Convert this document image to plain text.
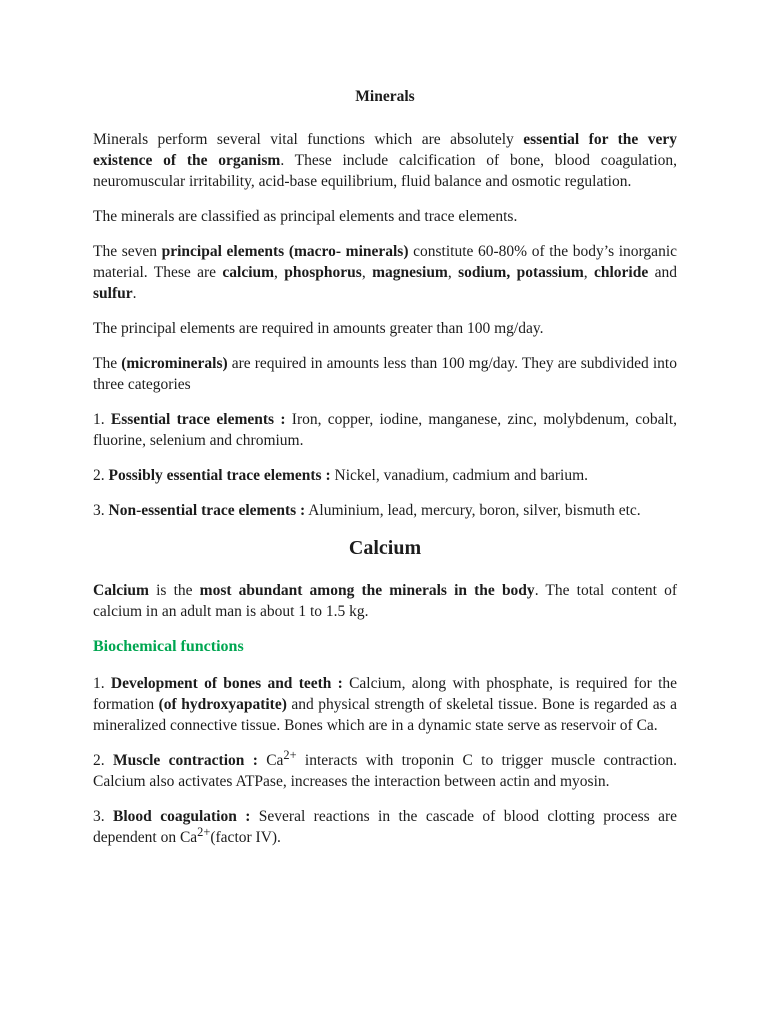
Minerals

Minerals perform several vital functions which are absolutely essential for the very existence of the organism. These include calcification of bone, blood coagulation, neuromuscular irritability, acid-base equilibrium, fluid balance and osmotic regulation.

The minerals are classified as principal elements and trace elements.

The seven principal elements (macro- minerals) constitute 60-80% of the body’s inorganic material. These are calcium, phosphorus, magnesium, sodium, potassium, chloride and sulfur.

The principal elements are required in amounts greater than 100 mg/day.

The (microminerals) are required in amounts less than 100 mg/day. They are subdivided into three categories

1. Essential trace elements : Iron, copper, iodine, manganese, zinc, molybdenum, cobalt, fluorine, selenium and chromium.

2. Possibly essential trace elements : Nickel, vanadium, cadmium and barium.

3. Non-essential trace elements : Aluminium, lead, mercury, boron, silver, bismuth etc.

Calcium

Calcium is the most abundant among the minerals in the body. The total content of calcium in an adult man is about 1 to 1.5 kg.

Biochemical functions

1. Development of bones and teeth : Calcium, along with phosphate, is required for the formation (of hydroxyapatite) and physical strength of skeletal tissue. Bone is regarded as a mineralized connective tissue. Bones which are in a dynamic state serve as reservoir of Ca.

2. Muscle contraction : $Ca^{2+}$ interacts with troponin C to trigger muscle contraction. Calcium also activates ATPase, increases the interaction between actin and myosin.

3. Blood coagulation : Several reactions in the cascade of blood clotting process are dependent on $Ca^{2+}(factor$ IV).
